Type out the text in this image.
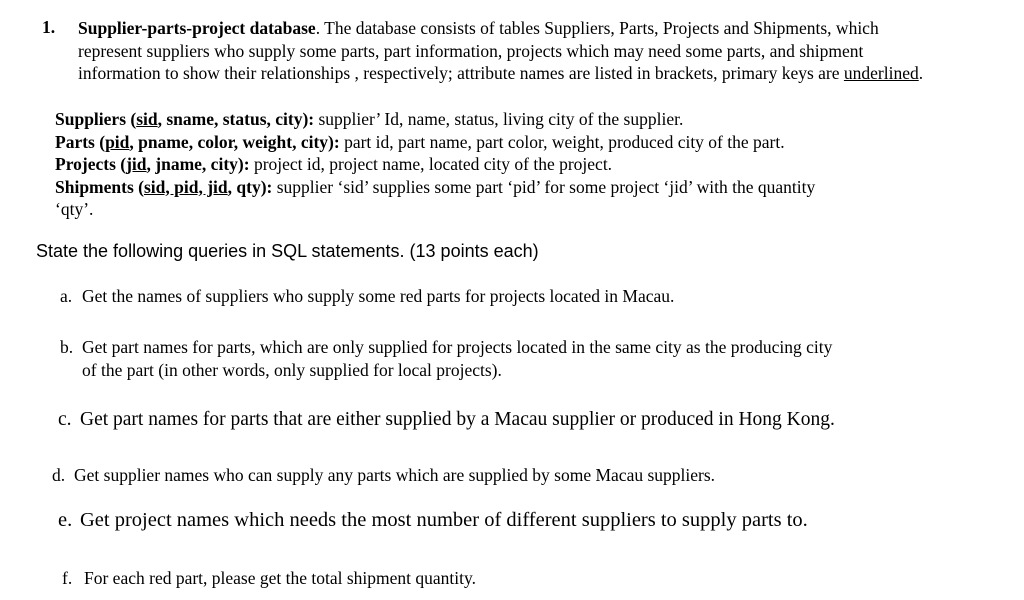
1. Supplier-parts-project database. The database consists of tables Suppliers, Parts, Projects and Shipments, which represent suppliers who supply some parts, part information, projects which may need some parts, and shipment information to show their relationships , respectively; attribute names are listed in brackets, primary keys are underlined.

Suppliers (sid, sname, status, city): supplier’ Id, name, status, living city of the supplier.

Parts (pid, pname, color, weight, city): part id, part name, part color, weight, produced city of the part.

Projects (jid, jname, city): project id, project name, located city of the project.

Shipments (sid, pid, jid, qty): supplier ‘sid’ supplies some part ‘pid’ for some project ‘jid’ with the quantity

‘qty’.

State the following queries in SQL statements. (13 points each)
a. Get the names of suppliers who supply some red parts for projects located in Macau.
b. Get part names for parts, which are only supplied for projects located in the same city as the producing city
of the part (in other words, only supplied for local projects).
c. Get part names for parts that are either supplied by a Macau supplier or produced in Hong Kong.
d. Get supplier names who can supply any parts which are supplied by some Macau suppliers.
e. Get project names which needs the most number of different suppliers to supply parts to.
f. For each red part, please get the total shipment quantity.
